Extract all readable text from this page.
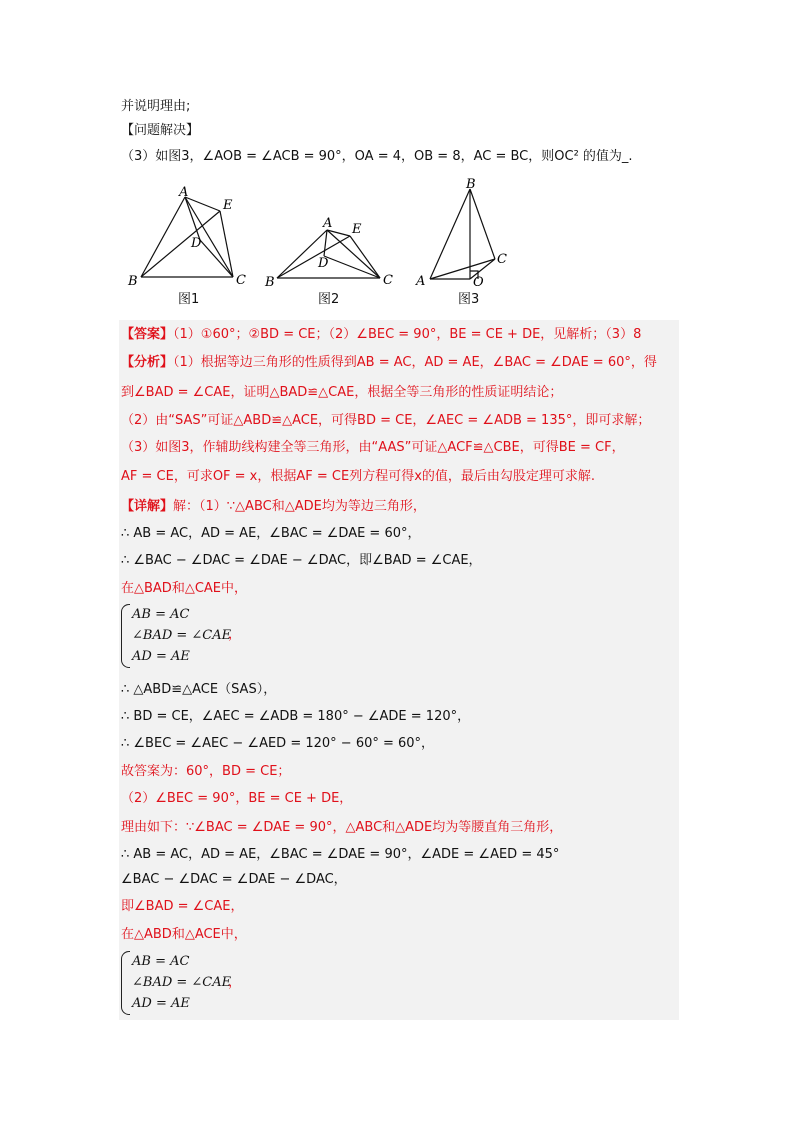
并说明理由;
【问题解决】
（3）如图3，∠AOB = ∠ACB = 90°，OA = 4，OB = 8，AC = BC，则OC² 的值为_.
A
E
D
B	C
图1
A E
D
B	C
图2
B
C
A	O
图3
【答案】（1）①60°；②BD = CE；（2）∠BEC = 90°，BE = CE + DE，见解析；（3）8
【分析】（1）根据等边三角形的性质得到AB = AC，AD = AE，∠BAC = ∠DAE = 60°，得
到∠BAD = ∠CAE，证明△BAD≌△CAE，根据全等三角形的性质证明结论；
（2）由“SAS”可证△ABD≌△ACE，可得BD = CE，∠AEC = ∠ADB = 135°，即可求解；
（3）如图3，作辅助线构建全等三角形，由“AAS”可证△ACF≌△CBE，可得BE = CF，
AF = CE，可求OF = x，根据AF = CE列方程可得x的值，最后由勾股定理可求解.
【详解】解：（1）∵△ABC和△ADE均为等边三角形，
∴ AB = AC，AD = AE，∠BAC = ∠DAE = 60°，
∴ ∠BAC − ∠DAC = ∠DAE − ∠DAC，即∠BAD = ∠CAE，
在△BAD和△CAE中，
AB = AC
∠BAD = ∠CAE
AD = AE
，
∴ △ABD≌△ACE（SAS），
∴ BD = CE，∠AEC = ∠ADB = 180° − ∠ADE = 120°，
∴ ∠BEC = ∠AEC − ∠AED = 120° − 60° = 60°，
故答案为：60°，BD = CE；
（2）∠BEC = 90°，BE = CE + DE，
理由如下：∵∠BAC = ∠DAE = 90°，△ABC和△ADE均为等腰直角三角形，
∴ AB = AC，AD = AE，∠BAC = ∠DAE = 90°，∠ADE = ∠AED = 45°
∠BAC − ∠DAC = ∠DAE − ∠DAC，
即∠BAD = ∠CAE，
在△ABD和△ACE中，
AB = AC
∠BAD = ∠CAE
AD = AE
，
